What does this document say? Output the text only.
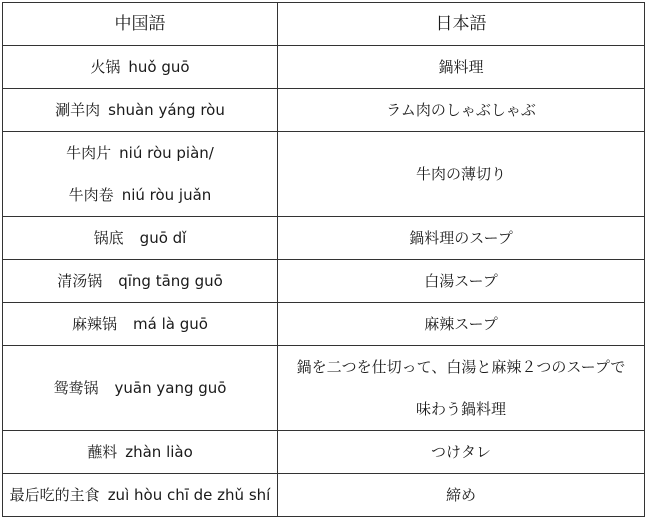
中国語	日本語
火锅 huǒ guō	鍋料理
涮羊肉 shuàn yáng ròu	ラム肉のしゃぶしゃぶ

牛肉片 niú ròu piàn/
牛肉卷 niú ròu juǎn	牛肉の薄切り
锅底 guō dǐ	鍋料理のスープ
清汤锅 qīng tāng guō	白湯スープ
麻辣锅 má là guō	麻辣スープ
鸳鸯锅 yuān yang guō	鍋を二つを仕切って、白湯と麻辣２つのスープで
味わう鍋料理

蘸料 zhàn liào	つけタレ
最后吃的主食 zuì hòu chī de zhǔ shí	締め
